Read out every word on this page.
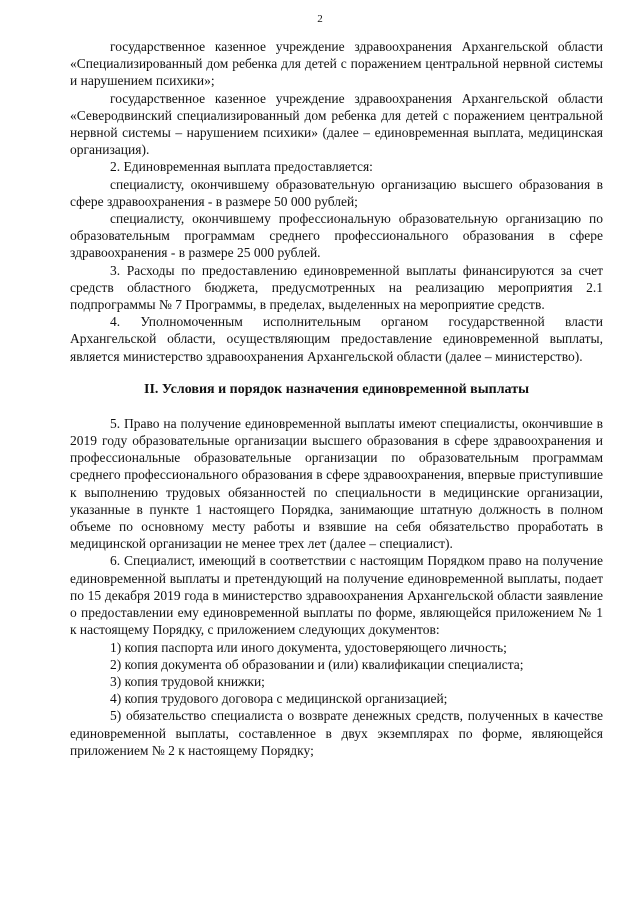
2

государственное казенное учреждение здравоохранения Архангельской области «Специализированный дом ребенка для детей с поражением центральной нервной системы и нарушением психики»;

государственное казенное учреждение здравоохранения Архангельской области «Северодвинский специализированный дом ребенка для детей с поражением центральной нервной системы – нарушением психики» (далее – единовременная выплата, медицинская организация).

2. Единовременная выплата предоставляется:

специалисту, окончившему образовательную организацию высшего образования в сфере здравоохранения - в размере 50 000 рублей;

специалисту, окончившему профессиональную образовательную организацию по образовательным программам среднего профессионального образования в сфере здравоохранения - в размере 25 000 рублей.

3. Расходы по предоставлению единовременной выплаты финансируются за счет средств областного бюджета, предусмотренных на реализацию мероприятия 2.1 подпрограммы № 7 Программы, в пределах, выделенных на мероприятие средств.

4. Уполномоченным исполнительным органом государственной власти Архангельской области, осуществляющим предоставление единовременной выплаты, является министерство здравоохранения Архангельской области (далее – министерство).

II. Условия и порядок назначения единовременной выплаты

5. Право на получение единовременной выплаты имеют специалисты, окончившие в 2019 году образовательные организации высшего образования в сфере здравоохранения и профессиональные образовательные организации по образовательным программам среднего профессионального образования в сфере здравоохранения, впервые приступившие к выполнению трудовых обязанностей по специальности в медицинские организации, указанные в пункте 1 настоящего Порядка, занимающие штатную должность в полном объеме по основному месту работы и взявшие на себя обязательство проработать в медицинской организации не менее трех лет (далее – специалист).

6. Специалист, имеющий в соответствии с настоящим Порядком право на получение единовременной выплаты и претендующий на получение единовременной выплаты, подает по 15 декабря 2019 года в министерство здравоохранения Архангельской области заявление о предоставлении ему единовременной выплаты по форме, являющейся приложением № 1 к настоящему Порядку, с приложением следующих документов:

1) копия паспорта или иного документа, удостоверяющего личность;

2) копия документа об образовании и (или) квалификации специалиста;

3) копия трудовой книжки;

4) копия трудового договора с медицинской организацией;

5) обязательство специалиста о возврате денежных средств, полученных в качестве единовременной выплаты, составленное в двух экземплярах по форме, являющейся приложением № 2 к настоящему Порядку;
